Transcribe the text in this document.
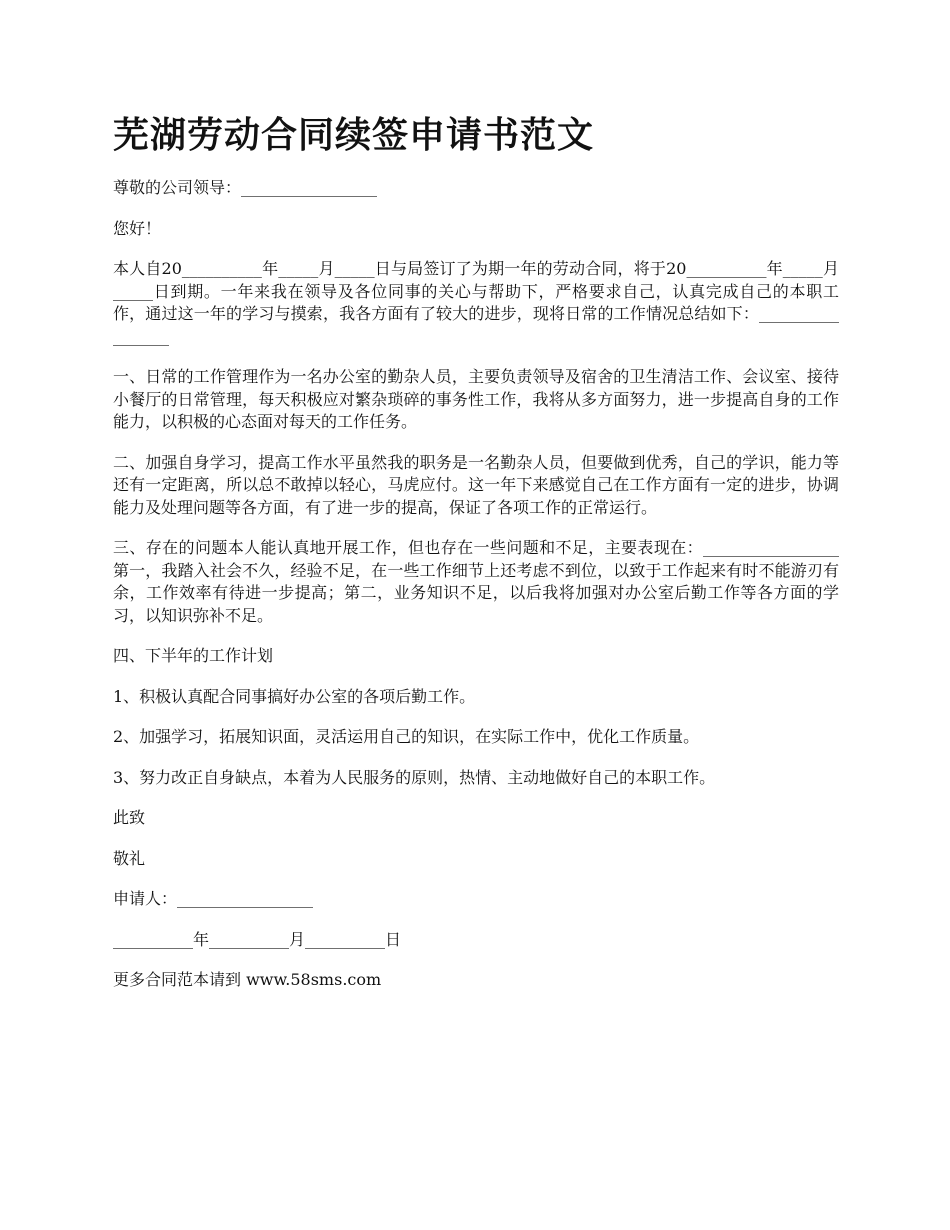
芜湖劳动合同续签申请书范文
尊敬的公司领导：_________________
您好！
本人自20__________年_____月_____日与局签订了为期一年的劳动合同，将于20__________年_____月_____日到期。一年来我在领导及各位同事的关心与帮助下，严格要求自己，认真完成自己的本职工作，通过这一年的学习与摸索，我各方面有了较大的进步，现将日常的工作情况总结如下：_________________
一、日常的工作管理作为一名办公室的勤杂人员，主要负责领导及宿舍的卫生清洁工作、会议室、接待小餐厅的日常管理，每天积极应对繁杂琐碎的事务性工作，我将从多方面努力，进一步提高自身的工作能力，以积极的心态面对每天的工作任务。
二、加强自身学习，提高工作水平虽然我的职务是一名勤杂人员，但要做到优秀，自己的学识，能力等还有一定距离，所以总不敢掉以轻心，马虎应付。这一年下来感觉自己在工作方面有一定的进步，协调能力及处理问题等各方面，有了进一步的提高，保证了各项工作的正常运行。
三、存在的问题本人能认真地开展工作，但也存在一些问题和不足，主要表现在：_________________第一，我踏入社会不久，经验不足，在一些工作细节上还考虑不到位，以致于工作起来有时不能游刃有余，工作效率有待进一步提高；第二，业务知识不足，以后我将加强对办公室后勤工作等各方面的学习，以知识弥补不足。
四、下半年的工作计划
1、积极认真配合同事搞好办公室的各项后勤工作。
2、加强学习，拓展知识面，灵活运用自己的知识，在实际工作中，优化工作质量。
3、努力改正自身缺点，本着为人民服务的原则，热情、主动地做好自己的本职工作。
此致
敬礼
申请人：_________________
__________年__________月__________日
更多合同范本请到 www.58sms.com
